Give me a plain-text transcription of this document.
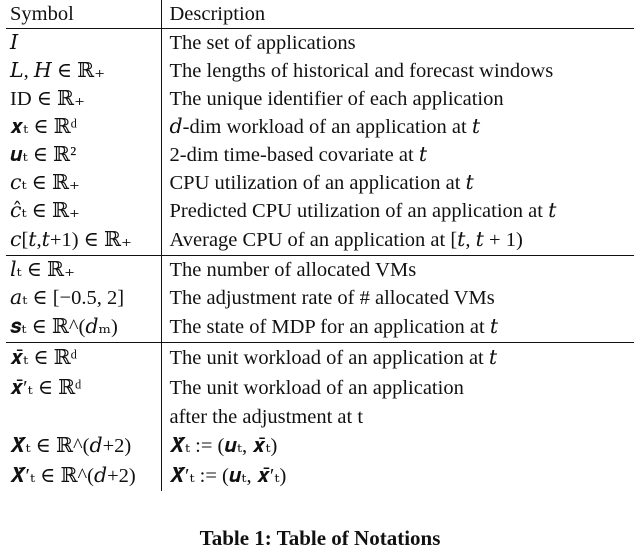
Symbol	Description
𝐼	The set of applications
𝐿, 𝐻 ∈ ℝ₊	The lengths of historical and forecast windows
ID ∈ ℝ₊	The unique identifier of each application
𝒙ₜ ∈ ℝᵈ	𝑑-dim workload of an application at 𝑡
𝒖ₜ ∈ ℝ²	2-dim time-based covariate at 𝑡
𝑐ₜ ∈ ℝ₊	CPU utilization of an application at 𝑡
𝑐̂ₜ ∈ ℝ₊	Predicted CPU utilization of an application at 𝑡
𝑐[𝑡,𝑡+1) ∈ ℝ₊	Average CPU of an application at [𝑡, 𝑡 + 1)
𝑙ₜ ∈ ℝ₊	The number of allocated VMs
𝑎ₜ ∈ [−0.5, 2]	The adjustment rate of # allocated VMs
𝒔ₜ ∈ ℝ^(𝑑ₘ)	The state of MDP for an application at 𝑡
𝒙̄ₜ ∈ ℝᵈ	The unit workload of an application at 𝑡
𝒙̄′ₜ ∈ ℝᵈ	The unit workload of an application
	after the adjustment at t
𝑿̄ₜ ∈ ℝ^(𝑑+2)	𝑿̄ₜ := (𝒖ₜ, 𝒙̄ₜ)
𝑿̄′ₜ ∈ ℝ^(𝑑+2)	𝑿̄′ₜ := (𝒖ₜ, 𝒙̄′ₜ)
Table 1: Table of Notations
